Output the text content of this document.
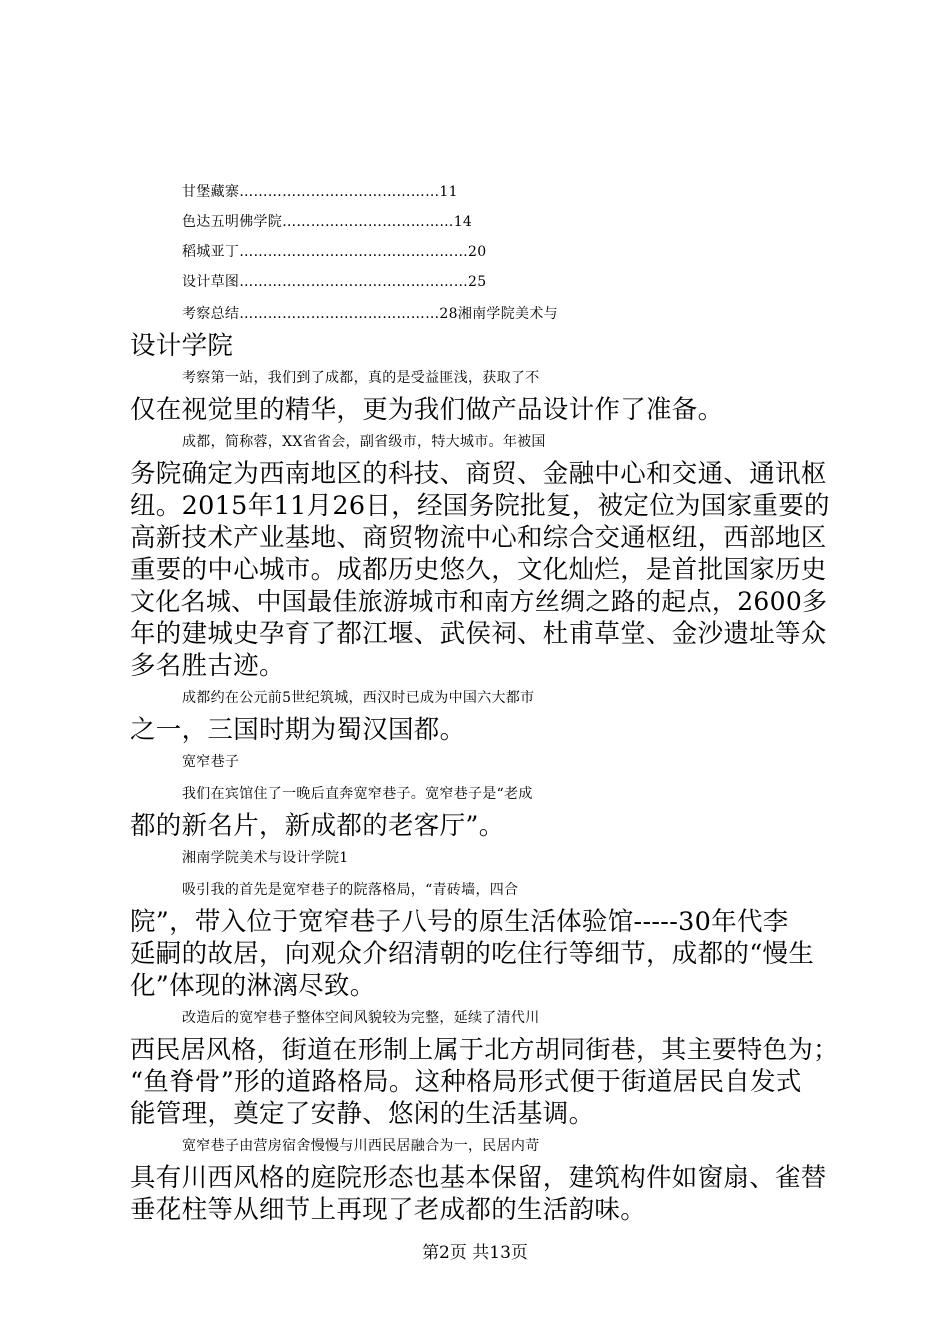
甘堡藏寨……………………………………11
色达五明佛学院………………………………14
稻城亚丁…………………………………………20
设计草图…………………………………………25
考察总结……………………………………28湘南学院美术与
设计学院
考察第一站，我们到了成都，真的是受益匪浅，获取了不
仅在视觉里的精华，更为我们做产品设计作了准备。
成都，简称蓉，XX省省会，副省级市，特大城市。年被国
务院确定为西南地区的科技、商贸、金融中心和交通、通讯枢
纽。2015年11月26日，经国务院批复，被定位为国家重要的
高新技术产业基地、商贸物流中心和综合交通枢纽，西部地区
重要的中心城市。成都历史悠久，文化灿烂，是首批国家历史
文化名城、中国最佳旅游城市和南方丝绸之路的起点，2600多
年的建城史孕育了都江堰、武侯祠、杜甫草堂、金沙遗址等众
多名胜古迹。
成都约在公元前5世纪筑城，西汉时已成为中国六大都市
之一，三国时期为蜀汉国都。
宽窄巷子
我们在宾馆住了一晚后直奔宽窄巷子。宽窄巷子是“老成
都的新名片，新成都的老客厅”。
湘南学院美术与设计学院1
吸引我的首先是宽窄巷子的院落格局，“青砖墙，四合
院”，带入位于宽窄巷子八号的原生活体验馆-----30年代李
延嗣的故居，向观众介绍清朝的吃住行等细节，成都的“慢生
化”体现的淋漓尽致。
改造后的宽窄巷子整体空间风貌较为完整，延续了清代川
西民居风格，街道在形制上属于北方胡同街巷，其主要特色为；
“鱼脊骨”形的道路格局。这种格局形式便于街道居民自发式
能管理，奠定了安静、悠闲的生活基调。
宽窄巷子由营房宿舍慢慢与川西民居融合为一，民居内苛
具有川西风格的庭院形态也基本保留，建筑构件如窗扇、雀替
垂花柱等从细节上再现了老成都的生活韵味。
第2页 共13页
